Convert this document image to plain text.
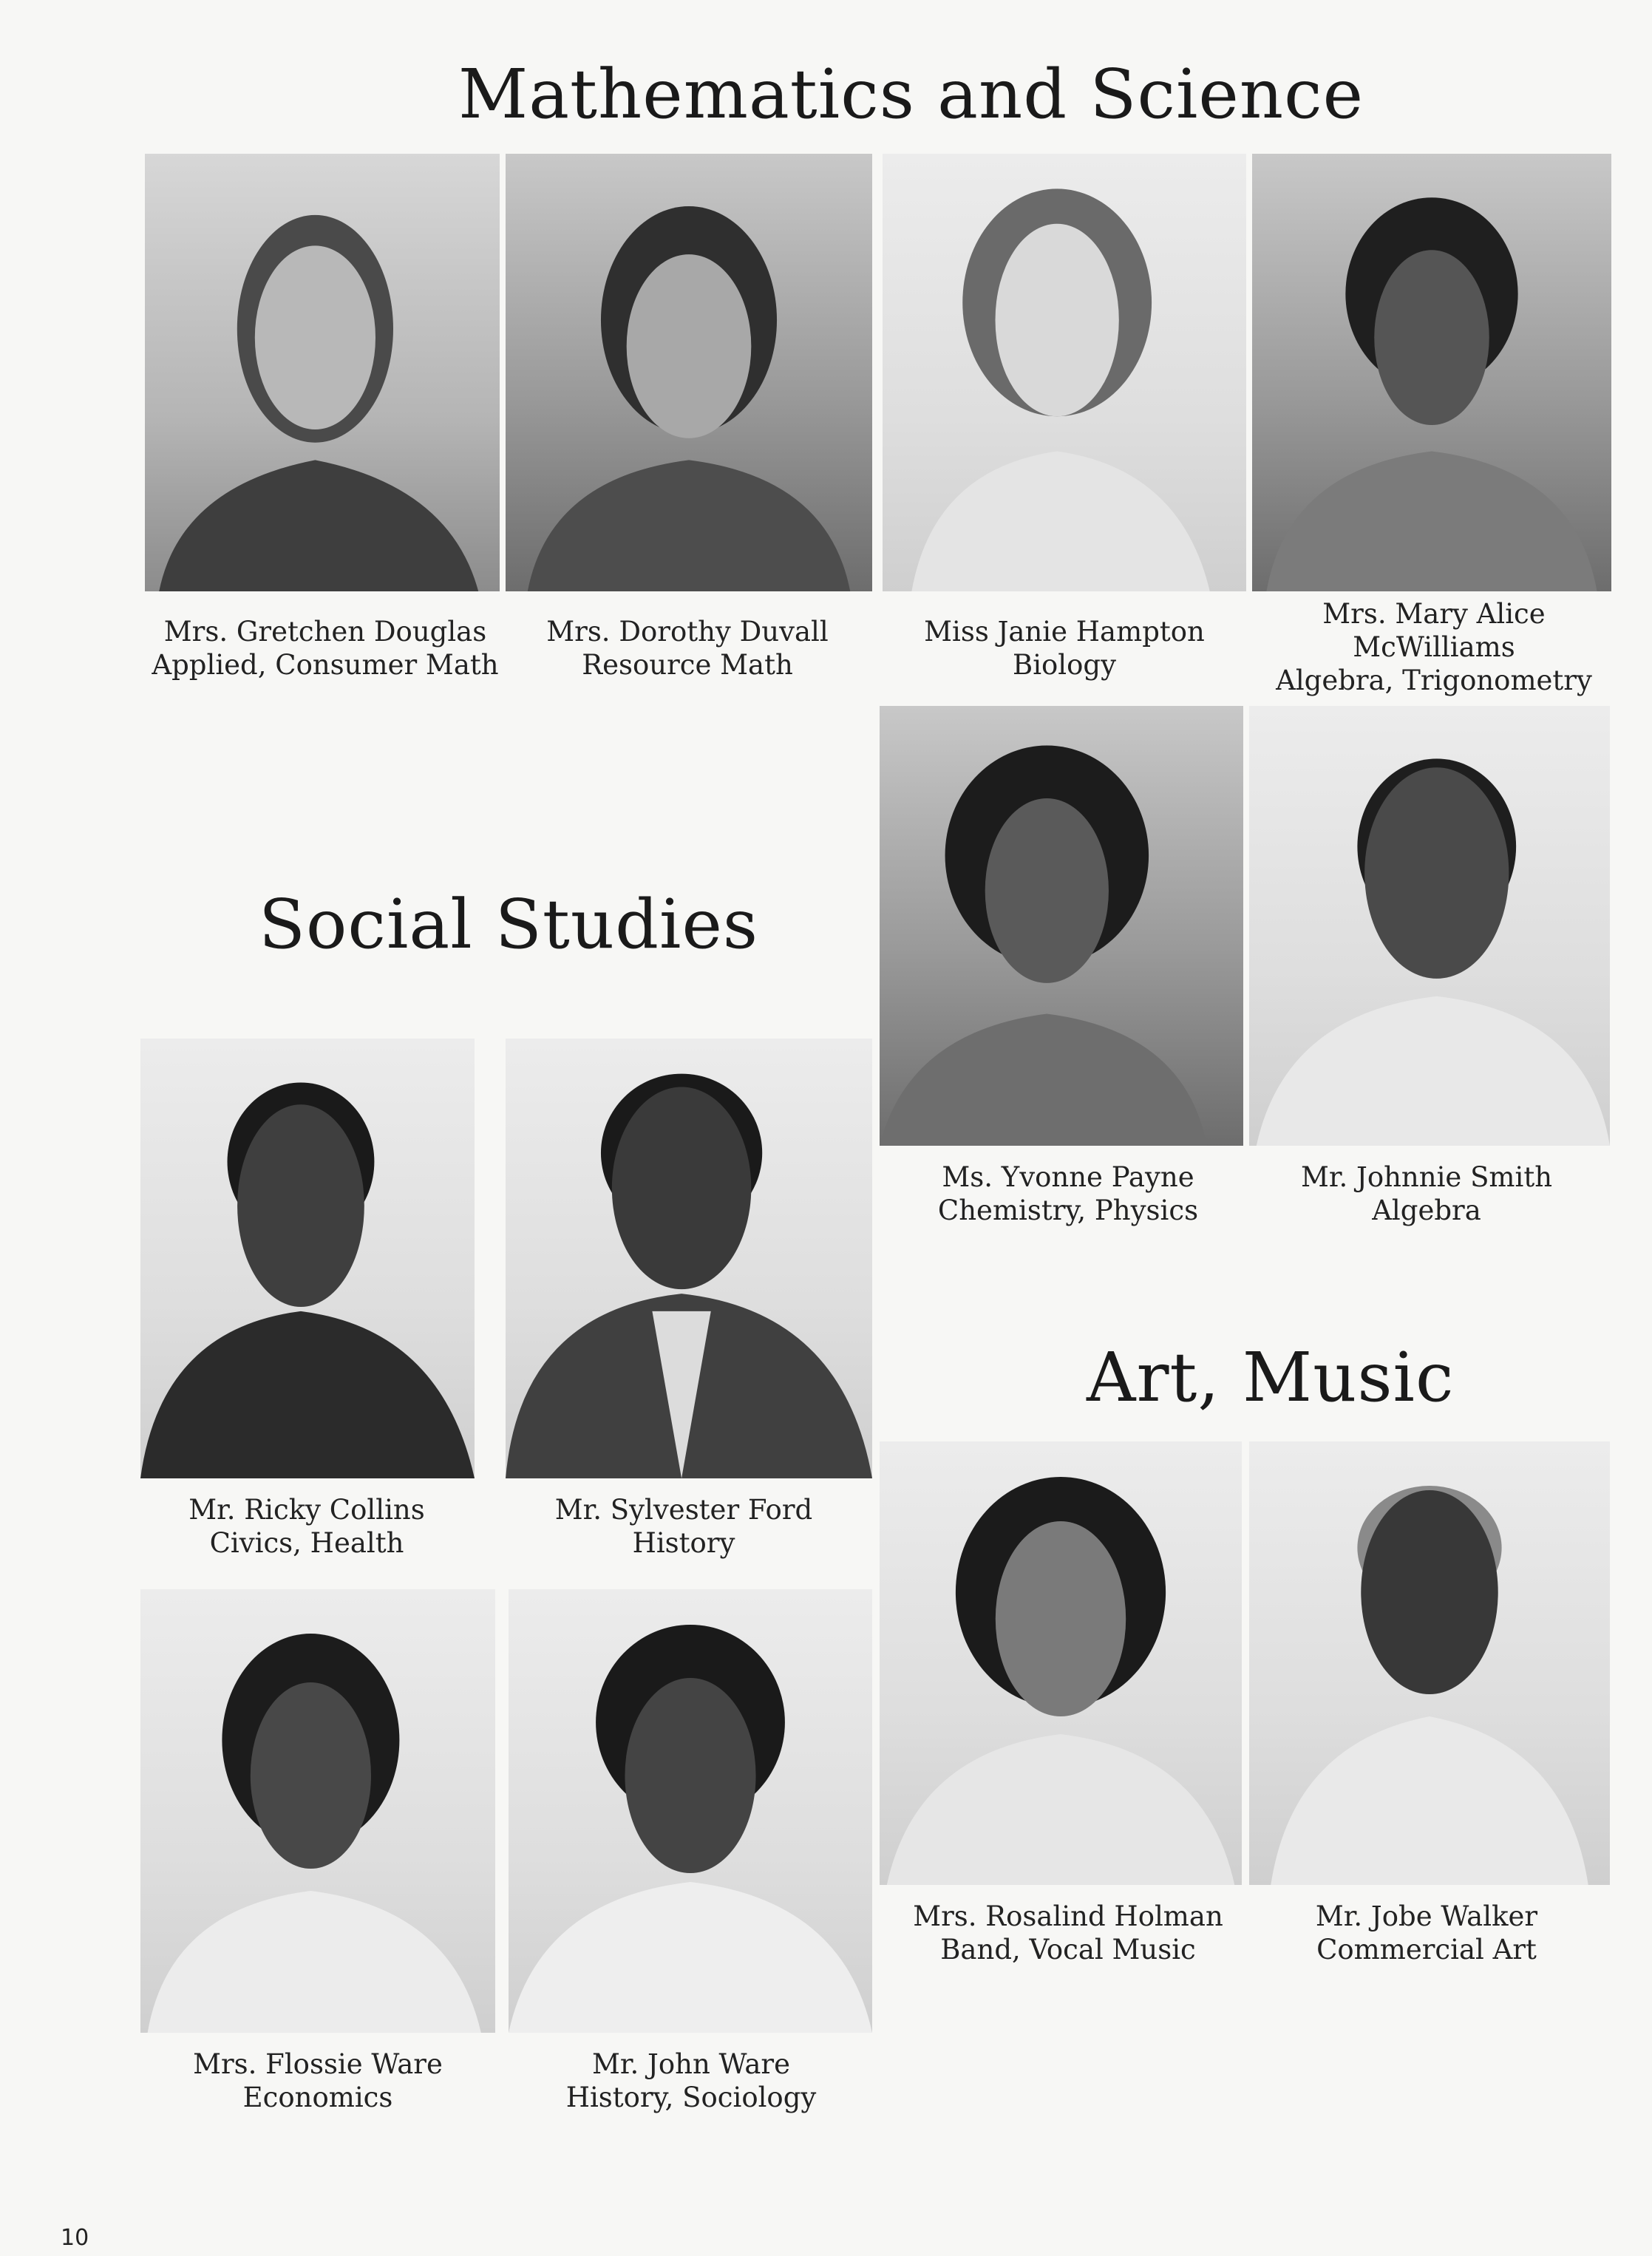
Mathematics and Science
Social Studies
Art, Music
Mrs. Gretchen Douglas
Applied, Consumer Math
Mrs. Dorothy Duvall
Resource Math
Miss Janie Hampton
Biology
Mrs. Mary Alice
McWilliams
Algebra, Trigonometry
Ms. Yvonne Payne
Chemistry, Physics
Mr. Johnnie Smith
Algebra
Mr. Ricky Collins
Civics, Health
Mr. Sylvester Ford
History
Mrs. Flossie Ware
Economics
Mr. John Ware
History, Sociology
Mrs. Rosalind Holman
Band, Vocal Music
Mr. Jobe Walker
Commercial Art
10
